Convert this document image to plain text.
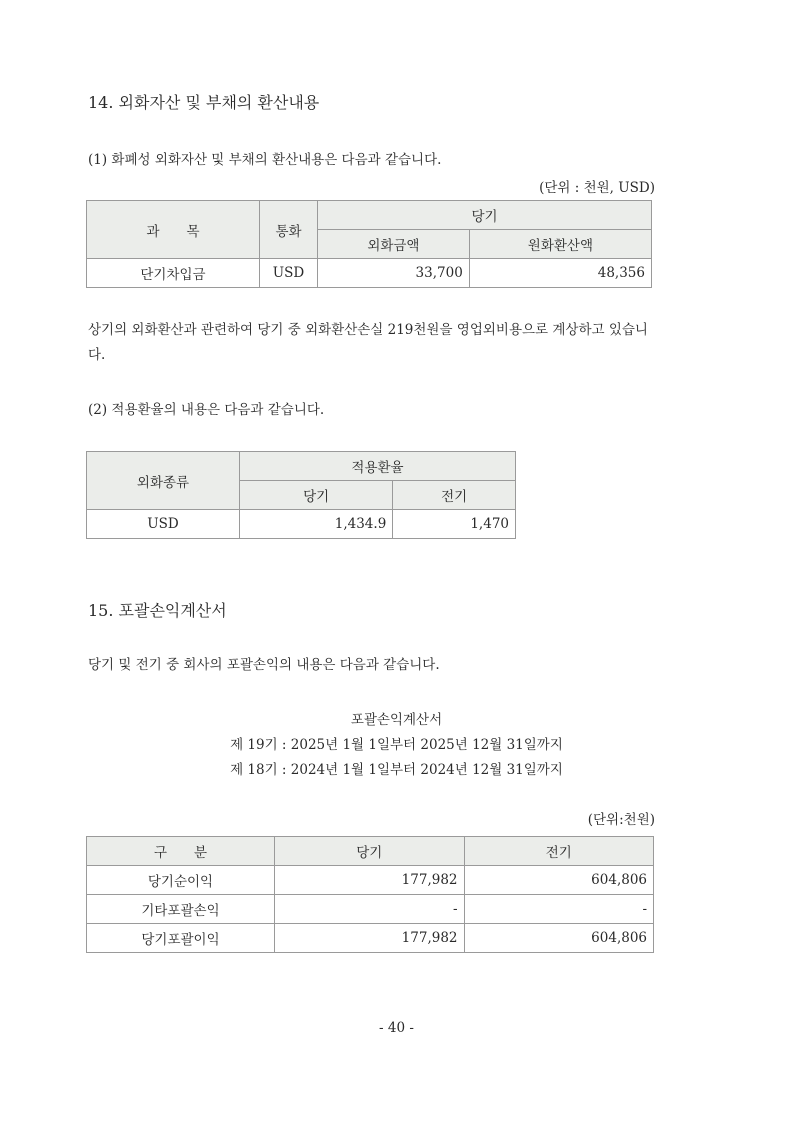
14. 외화자산 및 부채의 환산내용
(1) 화폐성 외화자산 및 부채의 환산내용은 다음과 같습니다.
(단위 : 천원, USD)
과　　목	통화	당기	
		외화금액	원화환산액
단기차입금	USD	33,700	48,356
상기의 외화환산과 관련하여 당기 중 외화환산손실 219천원을 영업외비용으로 계상하고 있습니다.
(2) 적용환율의 내용은 다음과 같습니다.
외화종류	적용환율	
	당기	전기
USD	1,434.9	1,470
15. 포괄손익계산서
당기 및 전기 중 회사의 포괄손익의 내용은 다음과 같습니다.
포괄손익계산서
제 19기 : 2025년 1월 1일부터 2025년 12월 31일까지
제 18기 : 2024년 1월 1일부터 2024년 12월 31일까지
(단위:천원)
구　　분	당기	전기
당기순이익	177,982	604,806
기타포괄손익	-	-
당기포괄이익	177,982	604,806
- 40 -
